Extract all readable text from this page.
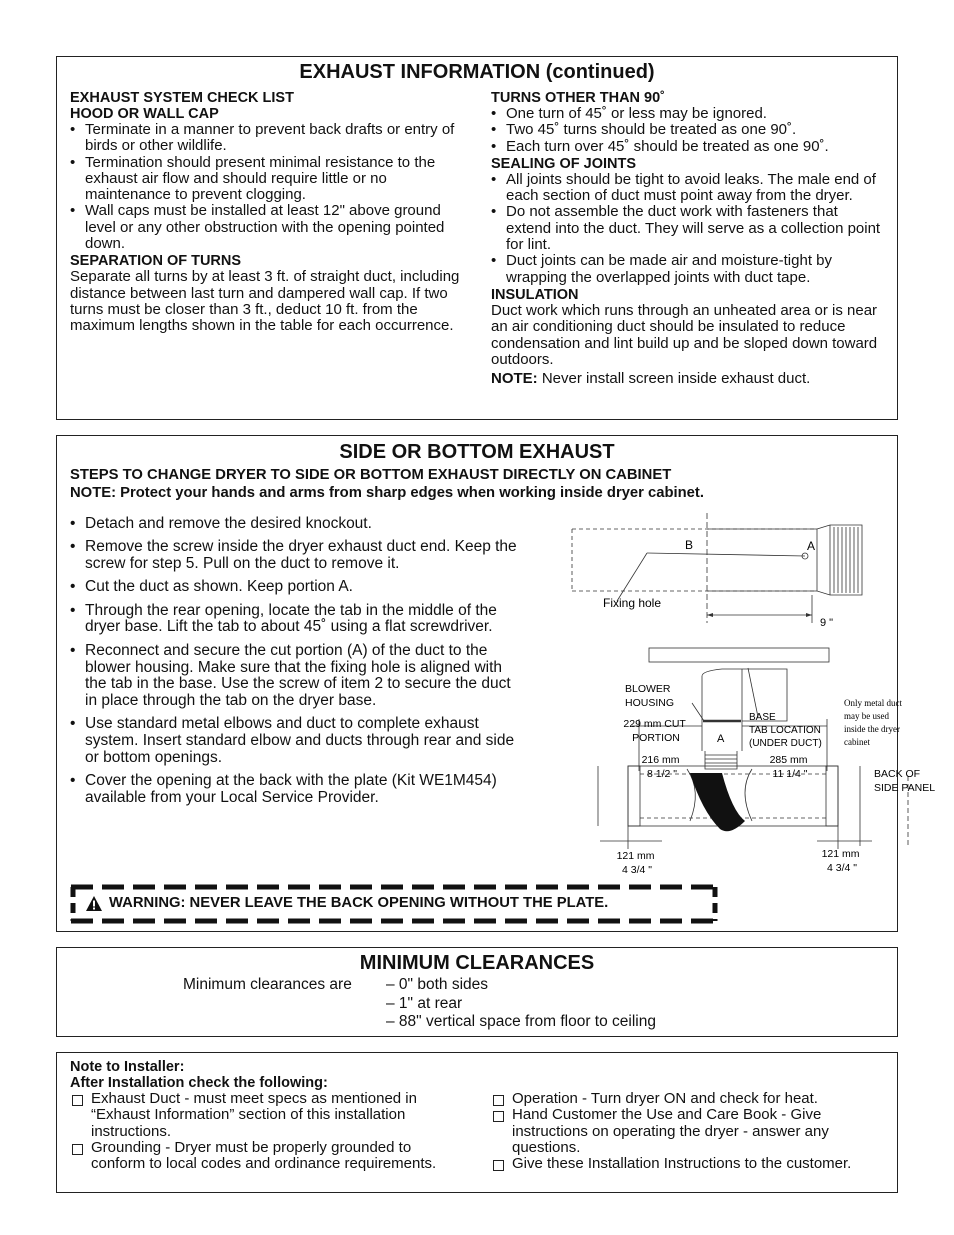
EXHAUST INFORMATION (continued)
EXHAUST SYSTEM CHECK LIST
HOOD OR WALL CAP
• Terminate in a manner to prevent back drafts or entry of birds or other wildlife.
• Termination should present minimal resistance to the exhaust air flow and should require little or no maintenance to prevent clogging.
• Wall caps must be installed at least 12" above ground level or any other obstruction with the opening pointed down.
SEPARATION OF TURNS
Separate all turns by at least 3 ft. of straight duct, including distance between last turn and dampered wall cap. If two turns must be closer than 3 ft., deduct 10 ft. from the maximum lengths shown in the table for each occurrence.
TURNS OTHER THAN 90˚
• One turn of 45˚ or less may be ignored.
• Two 45˚ turns should be treated as one 90˚.
• Each turn over 45˚ should be treated as one 90˚.
SEALING OF JOINTS
• All joints should be tight to avoid leaks. The male end of each section of duct must point away from the dryer.
• Do not assemble the duct work with fasteners that extend into the duct. They will serve as a collection point for lint.
• Duct joints can be made air and moisture-tight by wrapping the overlapped joints with duct tape.
INSULATION
Duct work which runs through an unheated area or is near an air conditioning duct should be insulated to reduce condensation and lint build up and be sloped down toward outdoors.
NOTE: Never install screen inside exhaust duct.
SIDE OR BOTTOM EXHAUST
STEPS TO CHANGE DRYER TO SIDE OR BOTTOM EXHAUST DIRECTLY ON CABINET
NOTE: Protect your hands and arms from sharp edges when working inside dryer cabinet.
• Detach and remove the desired knockout.
• Remove the screw inside the dryer exhaust duct end. Keep the screw for step 5. Pull on the duct to remove it.
• Cut the duct as shown. Keep portion A.
• Through the rear opening, locate the tab in the middle of the dryer base. Lift the tab to about 45˚ using a flat screwdriver.
• Reconnect and secure the cut portion (A) of the duct to the blower housing. Make sure that the fixing hole is aligned with the tab in the base. Use the screw of item 2 to secure the duct in place through the tab on the dryer base.
• Use standard metal elbows and duct to complete exhaust system. Insert standard elbow and ducts through rear and side or bottom openings.
• Cover the opening at the back with the plate (Kit WE1M454) available from your Local Service Provider.
B	A
Fixing hole
9 "
BLOWER HOUSING
229 mm CUT PORTION	A
BASE TAB LOCATION (UNDER DUCT)
Only metal duct may be used inside the dryer cabinet
216 mm 8 1/2 "
285 mm 11 1/4 "	BACK OF SIDE PANEL
121 mm 4 3/4 "
121 mm 4 3/4 "
WARNING: NEVER LEAVE THE BACK OPENING WITHOUT THE PLATE.
MINIMUM CLEARANCES
Minimum clearances are – 0" both sides
– 1" at rear
– 88" vertical space from floor to ceiling
Note to Installer:
After Installation check the following:
Exhaust Duct - must meet specs as mentioned in “Exhaust Information” section of this installation instructions.
Grounding - Dryer must be properly grounded to conform to local codes and ordinance requirements.
Operation - Turn dryer ON and check for heat.
Hand Customer the Use and Care Book - Give instructions on operating the dryer - answer any questions.
Give these Installation Instructions to the customer.
